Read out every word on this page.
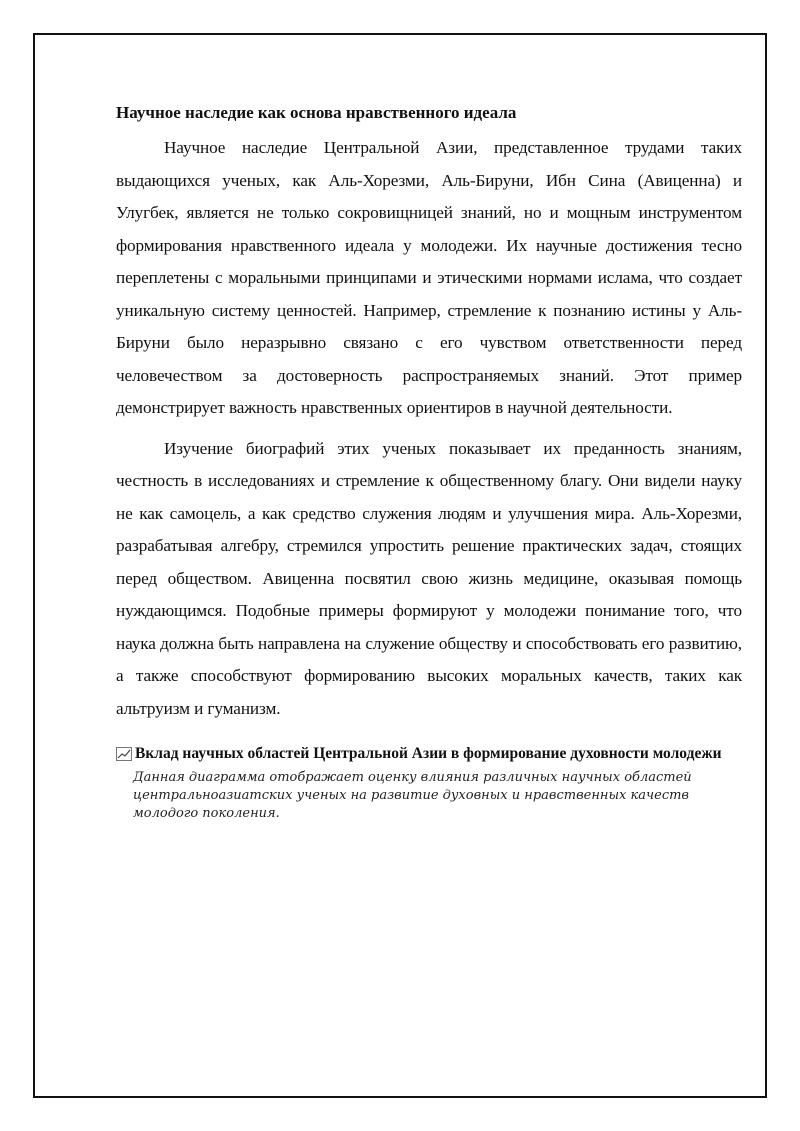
Научное наследие как основа нравственного идеала

Научное наследие Центральной Азии, представленное трудами таких выдающихся ученых, как Аль-Хорезми, Аль-Бируни, Ибн Сина (Авиценна) и Улугбек, является не только сокровищницей знаний, но и мощным инструментом формирования нравственного идеала у молодежи. Их научные достижения тесно переплетены с моральными принципами и этическими нормами ислама, что создает уникальную систему ценностей. Например, стремление к познанию истины у Аль-Бируни было неразрывно связано с его чувством ответственности перед человечеством за достоверность распространяемых знаний. Этот пример демонстрирует важность нравственных ориентиров в научной деятельности.

Изучение биографий этих ученых показывает их преданность знаниям, честность в исследованиях и стремление к общественному благу. Они видели науку не как самоцель, а как средство служения людям и улучшения мира. Аль-Хорезми, разрабатывая алгебру, стремился упростить решение практических задач, стоящих перед обществом. Авиценна посвятил свою жизнь медицине, оказывая помощь нуждающимся. Подобные примеры формируют у молодежи понимание того, что наука должна быть направлена на служение обществу и способствовать его развитию, а также способствуют формированию высоких моральных качеств, таких как альтруизм и гуманизм.

Вклад научных областей Центральной Азии в формирование духовности молодежи
Данная диаграмма отображает оценку влияния различных научных областей центральноазиатских ученых на развитие духовных и нравственных качеств молодого поколения.
